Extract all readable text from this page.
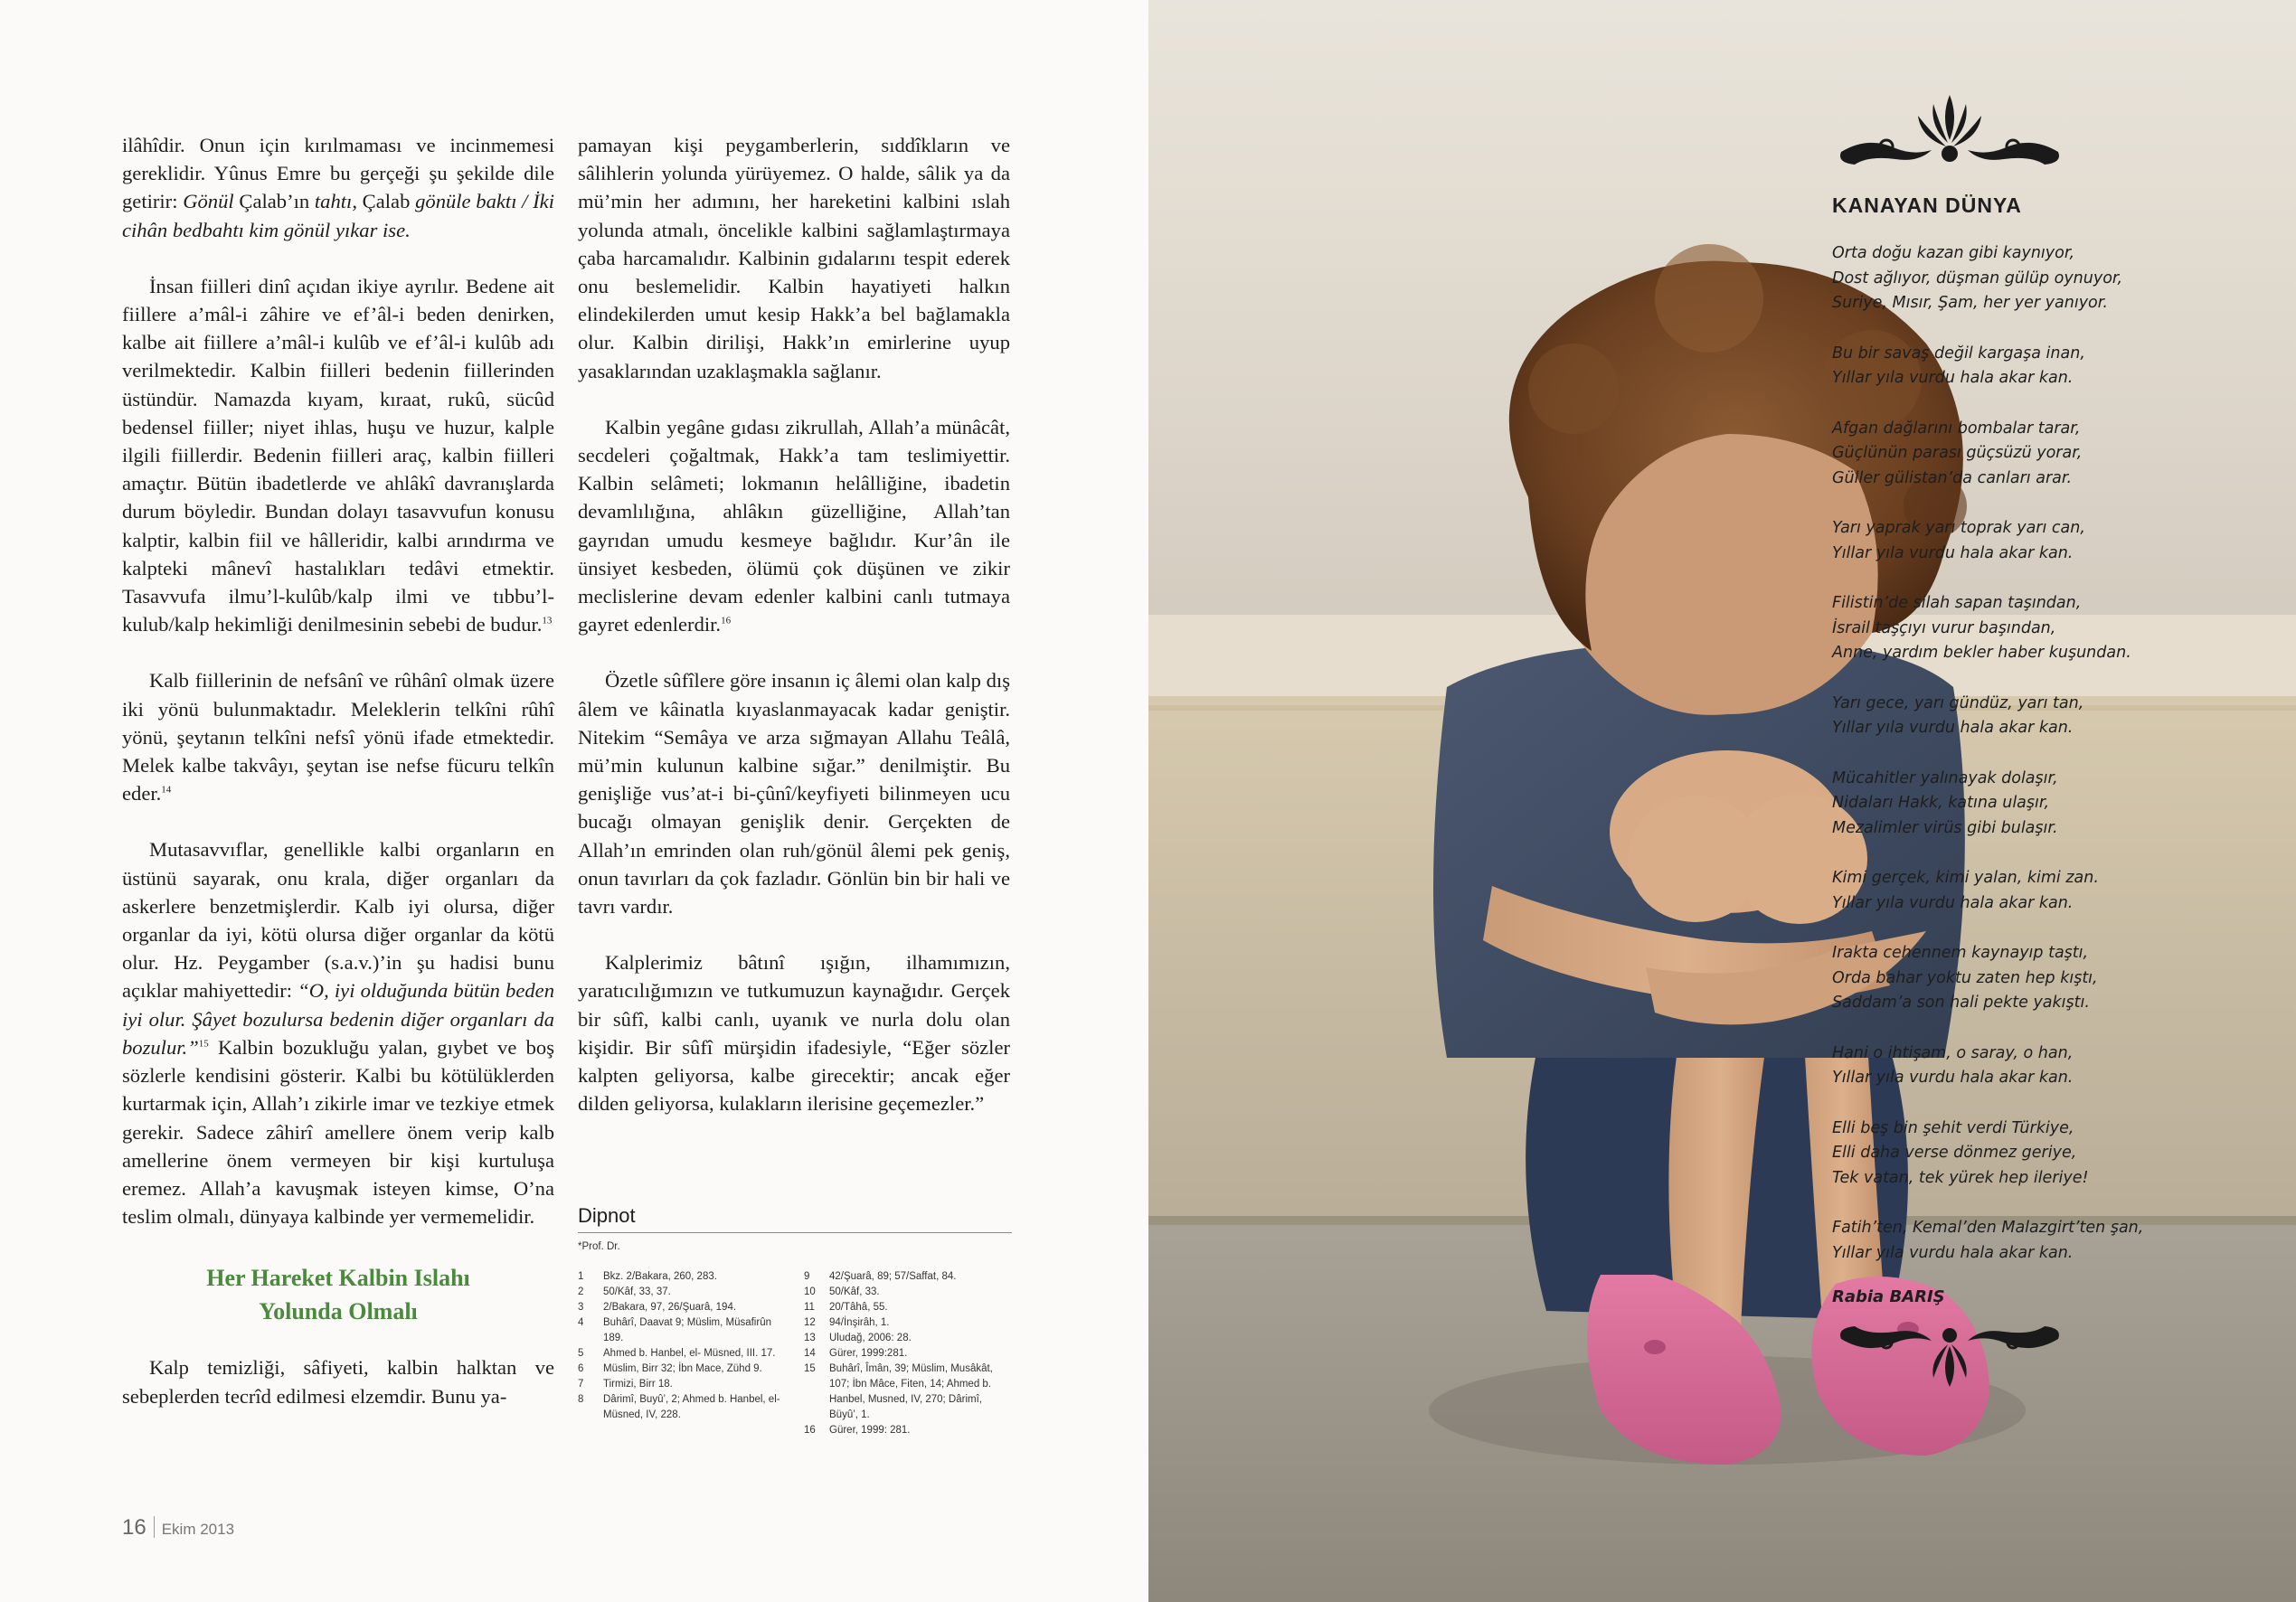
ilâhîdir. Onun için kırılmaması ve incinmemesi gereklidir. Yûnus Emre bu gerçeği şu şekilde dile getirir: Gönül Çalab’ın tahtı, Çalab gönüle baktı / İki cihân bedbahtı kim gönül yıkar ise.

İnsan fiilleri dinî açıdan ikiye ayrılır. Bedene ait fiillere a’mâl-i zâhire ve ef’âl-i beden denirken, kalbe ait fiillere a’mâl-i kulûb ve ef’âl-i kulûb adı verilmektedir. Kalbin fiilleri bedenin fiillerinden üstündür. Namazda kıyam, kıraat, rukû, sücûd bedensel fiiller; niyet ihlas, huşu ve huzur, kalple ilgili fiillerdir. Bedenin fiilleri araç, kalbin fiilleri amaçtır. Bütün ibadetlerde ve ahlâkî davranışlarda durum böyledir. Bundan dolayı tasavvufun konusu kalptir, kalbin fiil ve hâlleridir, kalbi arındırma ve kalpteki mânevî hastalıkları tedâvi etmektir. Tasavvufa ilmu’l-kulûb/kalp ilmi ve tıbbu’l-kulub/kalp hekimliği denilmesinin sebebi de budur.$^{13}$

Kalb fiillerinin de nefsânî ve rûhânî olmak üzere iki yönü bulunmaktadır. Meleklerin telkîni rûhî yönü, şeytanın telkîni nefsî yönü ifade etmektedir. Melek kalbe takvâyı, şeytan ise nefse fücuru telkîn eder.$^{14}$

Mutasavvıflar, genellikle kalbi organların en üstünü sayarak, onu krala, diğer organları da askerlere benzetmişlerdir. Kalb iyi olursa, diğer organlar da iyi, kötü olursa diğer organlar da kötü olur. Hz. Peygamber (s.a.v.)’in şu hadisi bunu açıklar mahiyettedir: “O, iyi olduğunda bütün beden iyi olur. Şâyet bozulursa bedenin diğer organları da bozulur.”$^{15}$ Kalbin bozukluğu yalan, gıybet ve boş sözlerle kendisini gösterir. Kalbi bu kötülüklerden kurtarmak için, Allah’ı zikirle imar ve tezkiye etmek gerekir. Sadece zâhirî amellere önem verip kalb amellerine önem vermeyen bir kişi kurtuluşa eremez. Allah’a kavuşmak isteyen kimse, O’na teslim olmalı, dünyaya kalbinde yer vermemelidir.

Her Hareket Kalbin Islahı
Yolunda Olmalı

Kalp temizliği, sâfiyeti, kalbin halktan ve sebeplerden tecrîd edilmesi elzemdir. Bunu ya-

pamayan kişi peygamberlerin, sıddîkların ve sâlihlerin yolunda yürüyemez. O halde, sâlik ya da mü’min her adımını, her hareketini kalbini ıslah yolunda atmalı, öncelikle kalbini sağlamlaştırmaya çaba harcamalıdır. Kalbinin gıdalarını tespit ederek onu beslemelidir. Kalbin hayatiyeti halkın elindekilerden umut kesip Hakk’a bel bağlamakla olur. Kalbin dirilişi, Hakk’ın emirlerine uyup yasaklarından uzaklaşmakla sağlanır.

Kalbin yegâne gıdası zikrullah, Allah’a münâcât, secdeleri çoğaltmak, Hakk’a tam teslimiyettir. Kalbin selâmeti; lokmanın helâlliğine, ibadetin devamlılığına, ahlâkın güzelliğine, Allah’tan gayrıdan umudu kesmeye bağlıdır. Kur’ân ile ünsiyet kesbeden, ölümü çok düşünen ve zikir meclislerine devam edenler kalbini canlı tutmaya gayret edenlerdir.$^{16}$

Özetle sûfîlere göre insanın iç âlemi olan kalp dış âlem ve kâinatla kıyaslanmayacak kadar geniştir. Nitekim “Semâya ve arza sığmayan Allahu Teâlâ, mü’min kulunun kalbine sığar.” denilmiştir. Bu genişliğe vus’at-i bi-çûnî/keyfiyeti bilinmeyen ucu bucağı olmayan genişlik denir. Gerçekten de Allah’ın emrinden olan ruh/gönül âlemi pek geniş, onun tavırları da çok fazladır. Gönlün bin bir hali ve tavrı vardır.

Kalplerimiz bâtınî ışığın, ilhamımızın, yaratıcılığımızın ve tutkumuzun kaynağıdır. Gerçek bir sûfî, kalbi canlı, uyanık ve nurla dolu olan kişidir. Bir sûfî mürşidin ifadesiyle, “Eğer sözler kalpten geliyorsa, kalbe girecektir; ancak eğer dilden geliyorsa, kulakların ilerisine geçemezler.”

Dipnot
*Prof. Dr.
1 Bkz. 2/Bakara, 260, 283.
2 50/Kâf, 33, 37.
3 2/Bakara, 97, 26/Şuarâ, 194.
4 Buhârî, Daavat 9; Müslim, Müsafirûn 189.
5 Ahmed b. Hanbel, el- Müsned, III. 17.
6 Müslim, Birr 32; İbn Mace, Zühd 9.
7 Tirmizi, Birr 18.
8 Dârimî, Buyû’, 2; Ahmed b. Hanbel, el- Müsned, IV, 228.
9 42/Şuarâ, 89; 57/Saffat, 84.
10 50/Kâf, 33.
11 20/Tâhâ, 55.
12 94/İnşirâh, 1.
13 Uludağ, 2006: 28.
14 Gürer, 1999:281.
15 Buhârî, Îmân, 39; Müslim, Musâkât, 107; İbn Mâce, Fiten, 14; Ahmed b. Hanbel, Musned, IV, 270; Dârimî, Büyû’, 1.
16 Gürer, 1999: 281.
16 Ekim 2013
KANAYAN DÜNYA
Orta doğu kazan gibi kaynıyor,
Dost ağlıyor, düşman gülüp oynuyor,
Suriye, Mısır, Şam, her yer yanıyor.
Bu bir savaş değil kargaşa inan,
Yıllar yıla vurdu hala akar kan.
Afgan dağlarını bombalar tarar,
Güçlünün parası güçsüzü yorar,
Güller gülistan’da canları arar.
Yarı yaprak yarı toprak yarı can,
Yıllar yıla vurdu hala akar kan.
Filistin’de silah sapan taşından,
İsrail taşçıyı vurur başından,
Anne, yardım bekler haber kuşundan.
Yarı gece, yarı gündüz, yarı tan,
Yıllar yıla vurdu hala akar kan.
Mücahitler yalınayak dolaşır,
Nidaları Hakk, katına ulaşır,
Mezalimler virüs gibi bulaşır.
Kimi gerçek, kimi yalan, kimi zan.
Yıllar yıla vurdu hala akar kan.
Irakta cehennem kaynayıp taştı,
Orda bahar yoktu zaten hep kıştı,
Saddam’a son hali pekte yakıştı.
Hani o ihtişam, o saray, o han,
Yıllar yıla vurdu hala akar kan.
Elli beş bin şehit verdi Türkiye,
Elli daha verse dönmez geriye,
Tek vatan, tek yürek hep ileriye!
Fatih’ten, Kemal’den Malazgirt’ten şan,
Yıllar yıla vurdu hala akar kan.
Rabia BARIŞ
